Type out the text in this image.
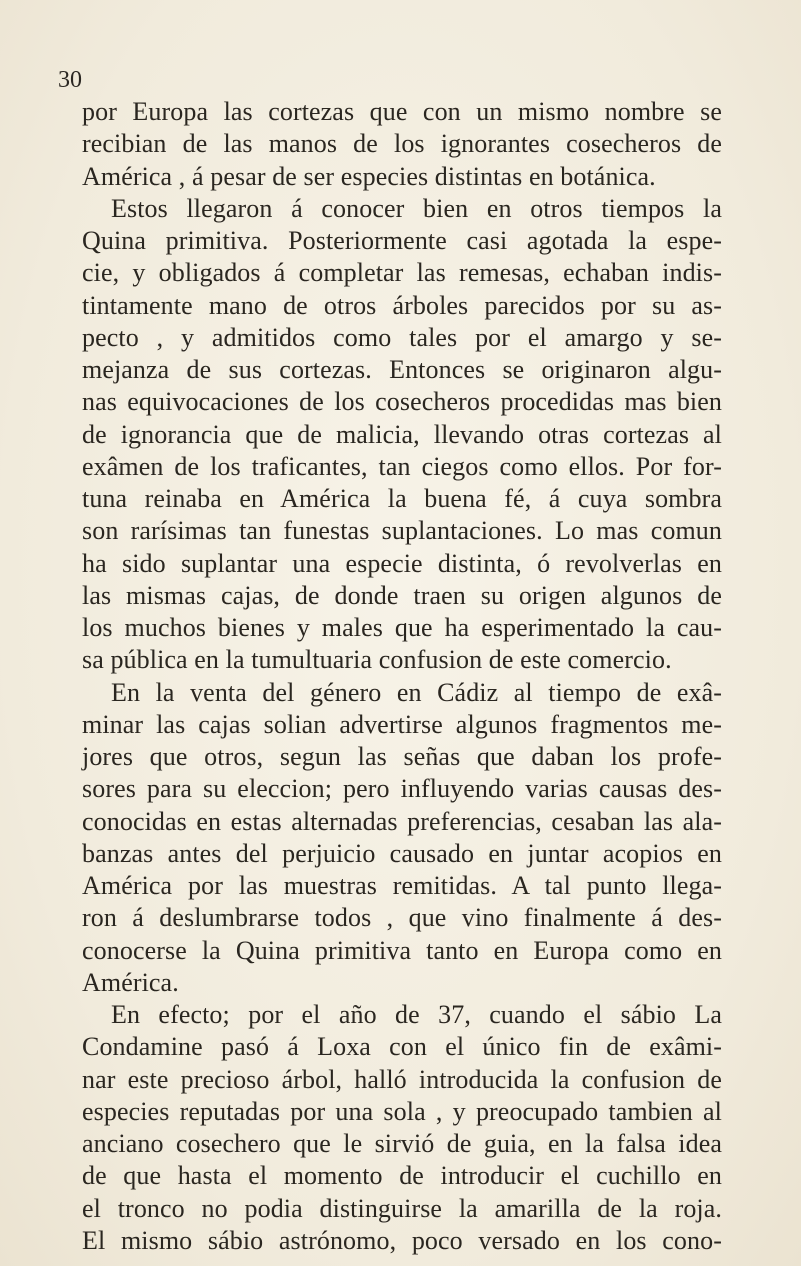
30
por Europa las cortezas que con un mismo nombre se
recibian de las manos de los ignorantes cosecheros de
América , á pesar de ser especies distintas en botánica.
Estos llegaron á conocer bien en otros tiempos la
Quina primitiva. Posteriormente casi agotada la espe-
cie, y obligados á completar las remesas, echaban indis-
tintamente mano de otros árboles parecidos por su as-
pecto , y admitidos como tales por el amargo y se-
mejanza de sus cortezas. Entonces se originaron algu-
nas equivocaciones de los cosecheros procedidas mas bien
de ignorancia que de malicia, llevando otras cortezas al
exâmen de los traficantes, tan ciegos como ellos. Por for-
tuna reinaba en América la buena fé, á cuya sombra
son rarísimas tan funestas suplantaciones. Lo mas comun
ha sido suplantar una especie distinta, ó revolverlas en
las mismas cajas, de donde traen su origen algunos de
los muchos bienes y males que ha esperimentado la cau-
sa pública en la tumultuaria confusion de este comercio.
En la venta del género en Cádiz al tiempo de exâ-
minar las cajas solian advertirse algunos fragmentos me-
jores que otros, segun las señas que daban los profe-
sores para su eleccion; pero influyendo varias causas des-
conocidas en estas alternadas preferencias, cesaban las ala-
banzas antes del perjuicio causado en juntar acopios en
América por las muestras remitidas. A tal punto llega-
ron á deslumbrarse todos , que vino finalmente á des-
conocerse la Quina primitiva tanto en Europa como en
América.
En efecto; por el año de 37, cuando el sábio La
Condamine pasó á Loxa con el único fin de exâmi-
nar este precioso árbol, halló introducida la confusion de
especies reputadas por una sola , y preocupado tambien al
anciano cosechero que le sirvió de guia, en la falsa idea
de que hasta el momento de introducir el cuchillo en
el tronco no podia distinguirse la amarilla de la roja.
El mismo sábio astrónomo, poco versado en los cono-
